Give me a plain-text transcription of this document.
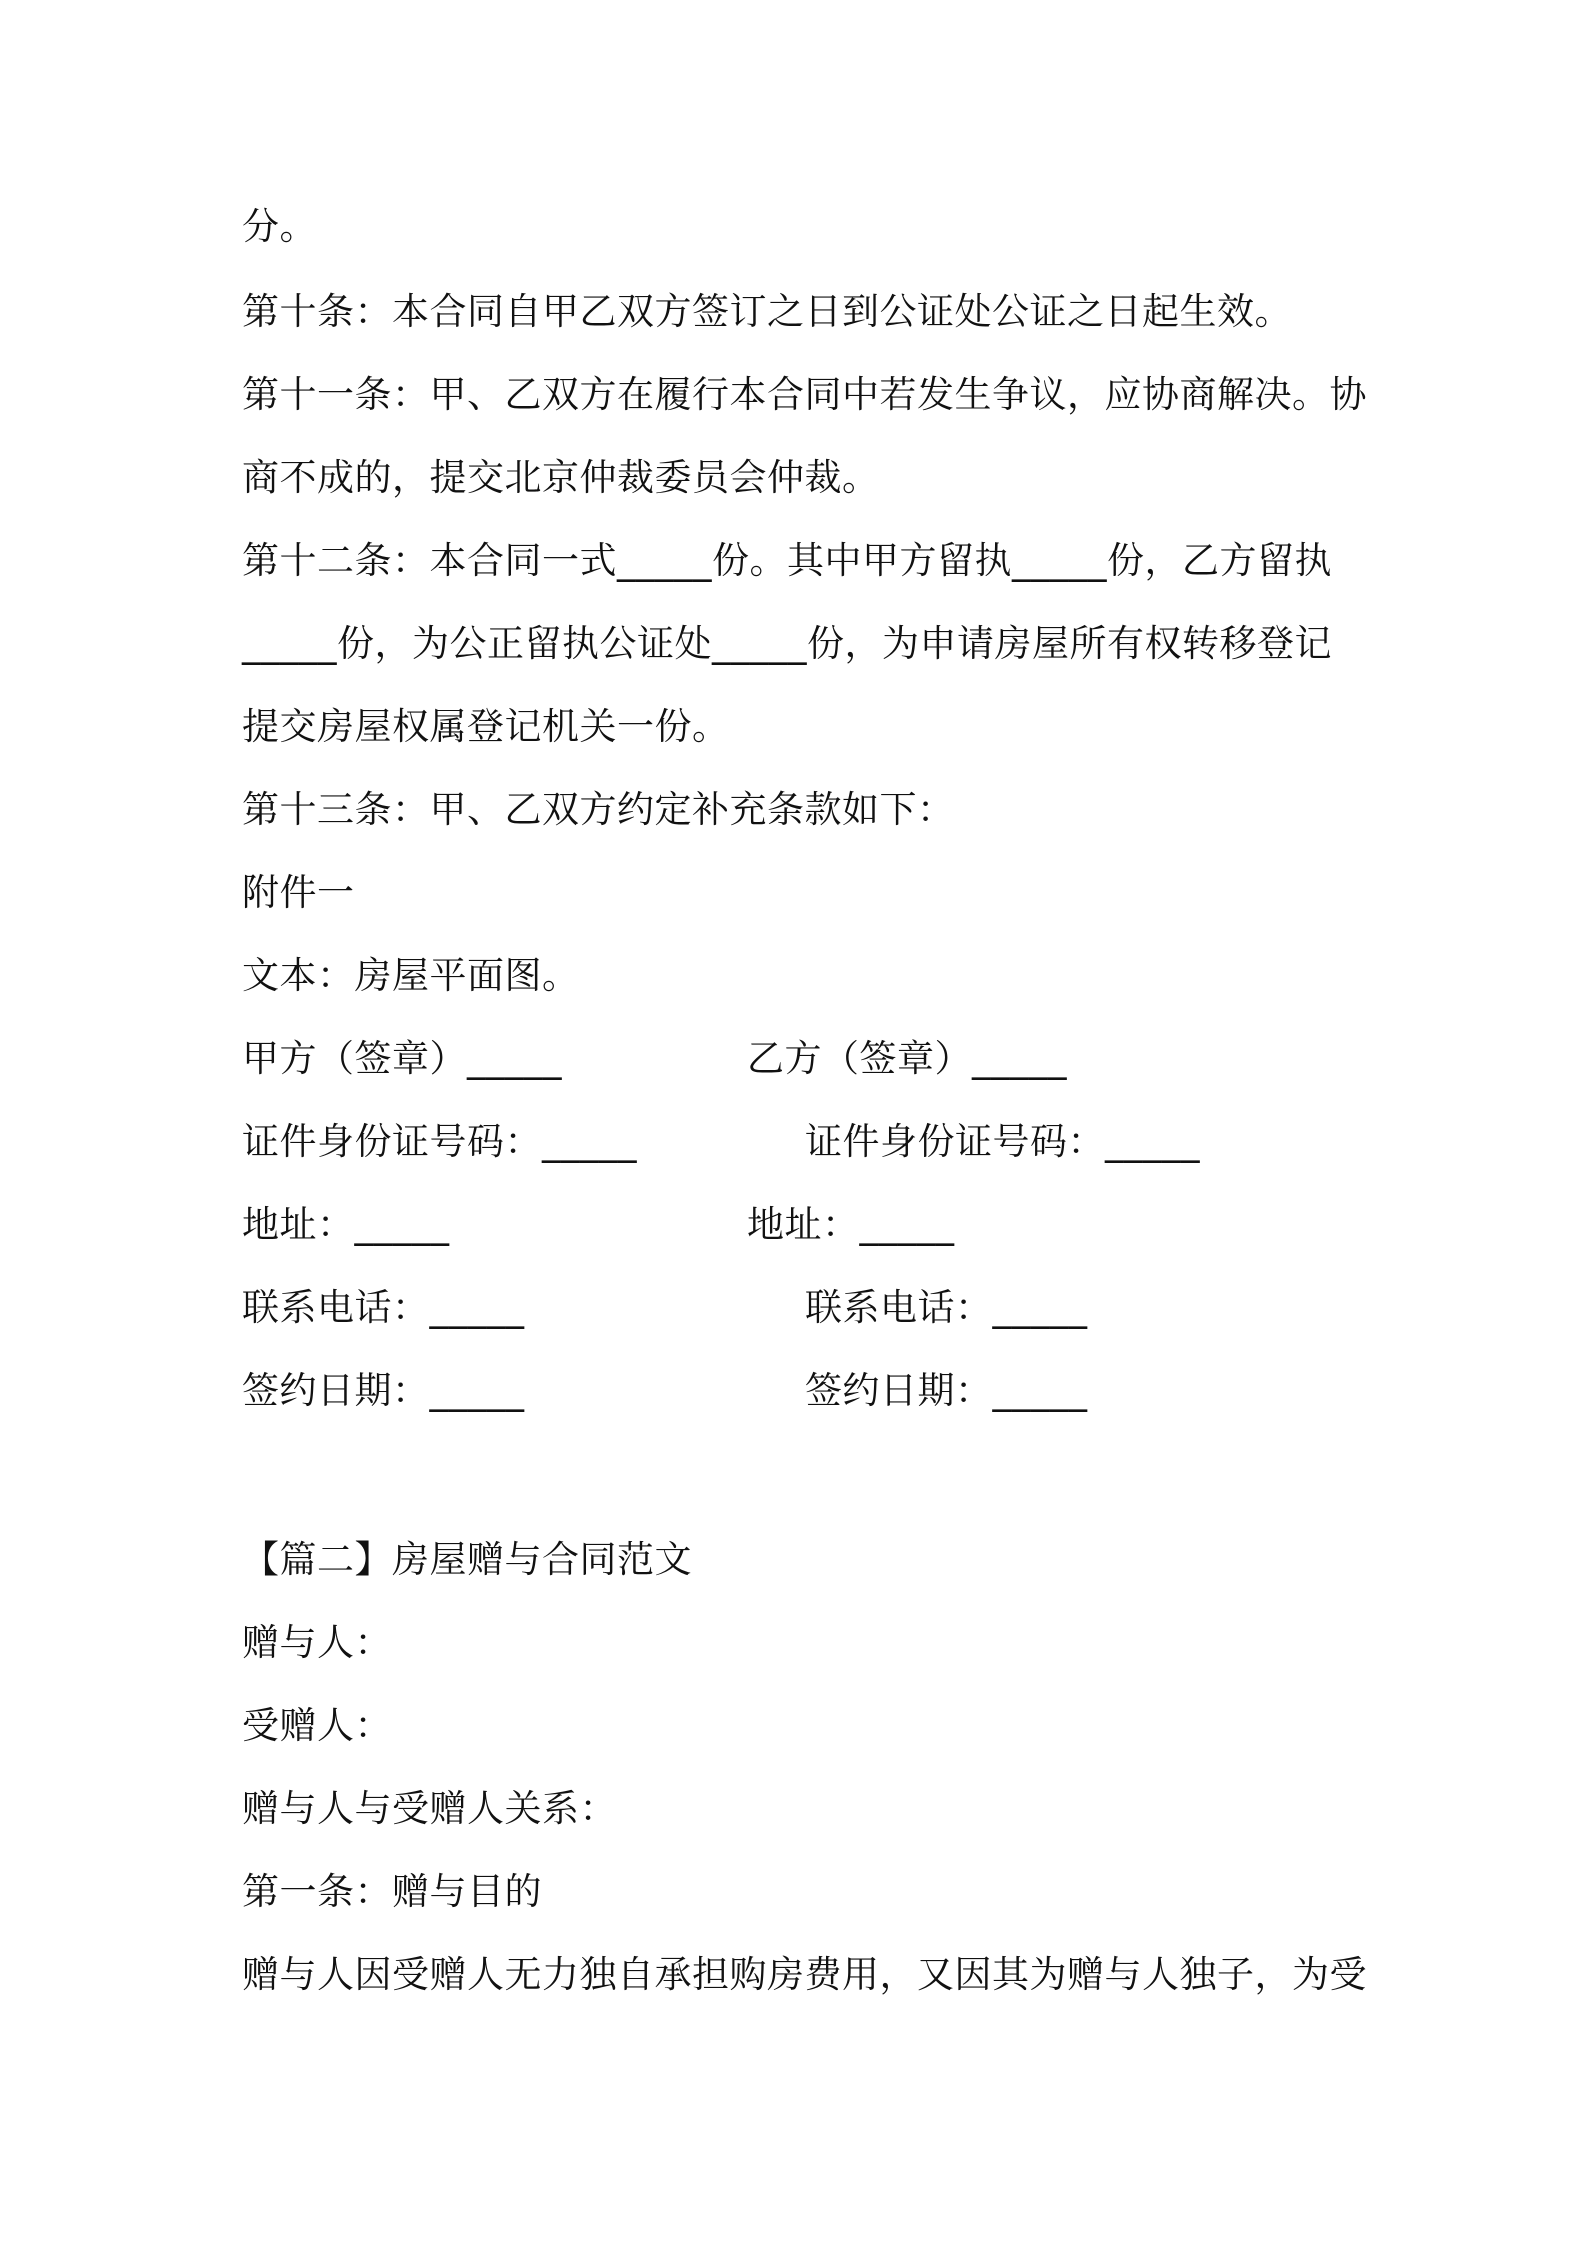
分。
第十条：本合同自甲乙双方签订之日到公证处公证之日起生效。
第十一条：甲、乙双方在履行本合同中若发生争议，应协商解决。协
商不成的，提交北京仲裁委员会仲裁。
第十二条：本合同一式_____份。其中甲方留执_____份，乙方留执
_____份，为公正留执公证处_____份，为申请房屋所有权转移登记
提交房屋权属登记机关一份。
第十三条：甲、乙双方约定补充条款如下：
附件一
文本：房屋平面图。
甲方（签章）_____	乙方（签章）_____
证件身份证号码：_____	证件身份证号码：_____
地址：_____	地址：_____
联系电话：_____	联系电话：_____
签约日期：_____	签约日期：_____
【篇二】房屋赠与合同范文
赠与人：
受赠人：
赠与人与受赠人关系：
第一条：赠与目的
赠与人因受赠人无力独自承担购房费用，又因其为赠与人独子，为受
